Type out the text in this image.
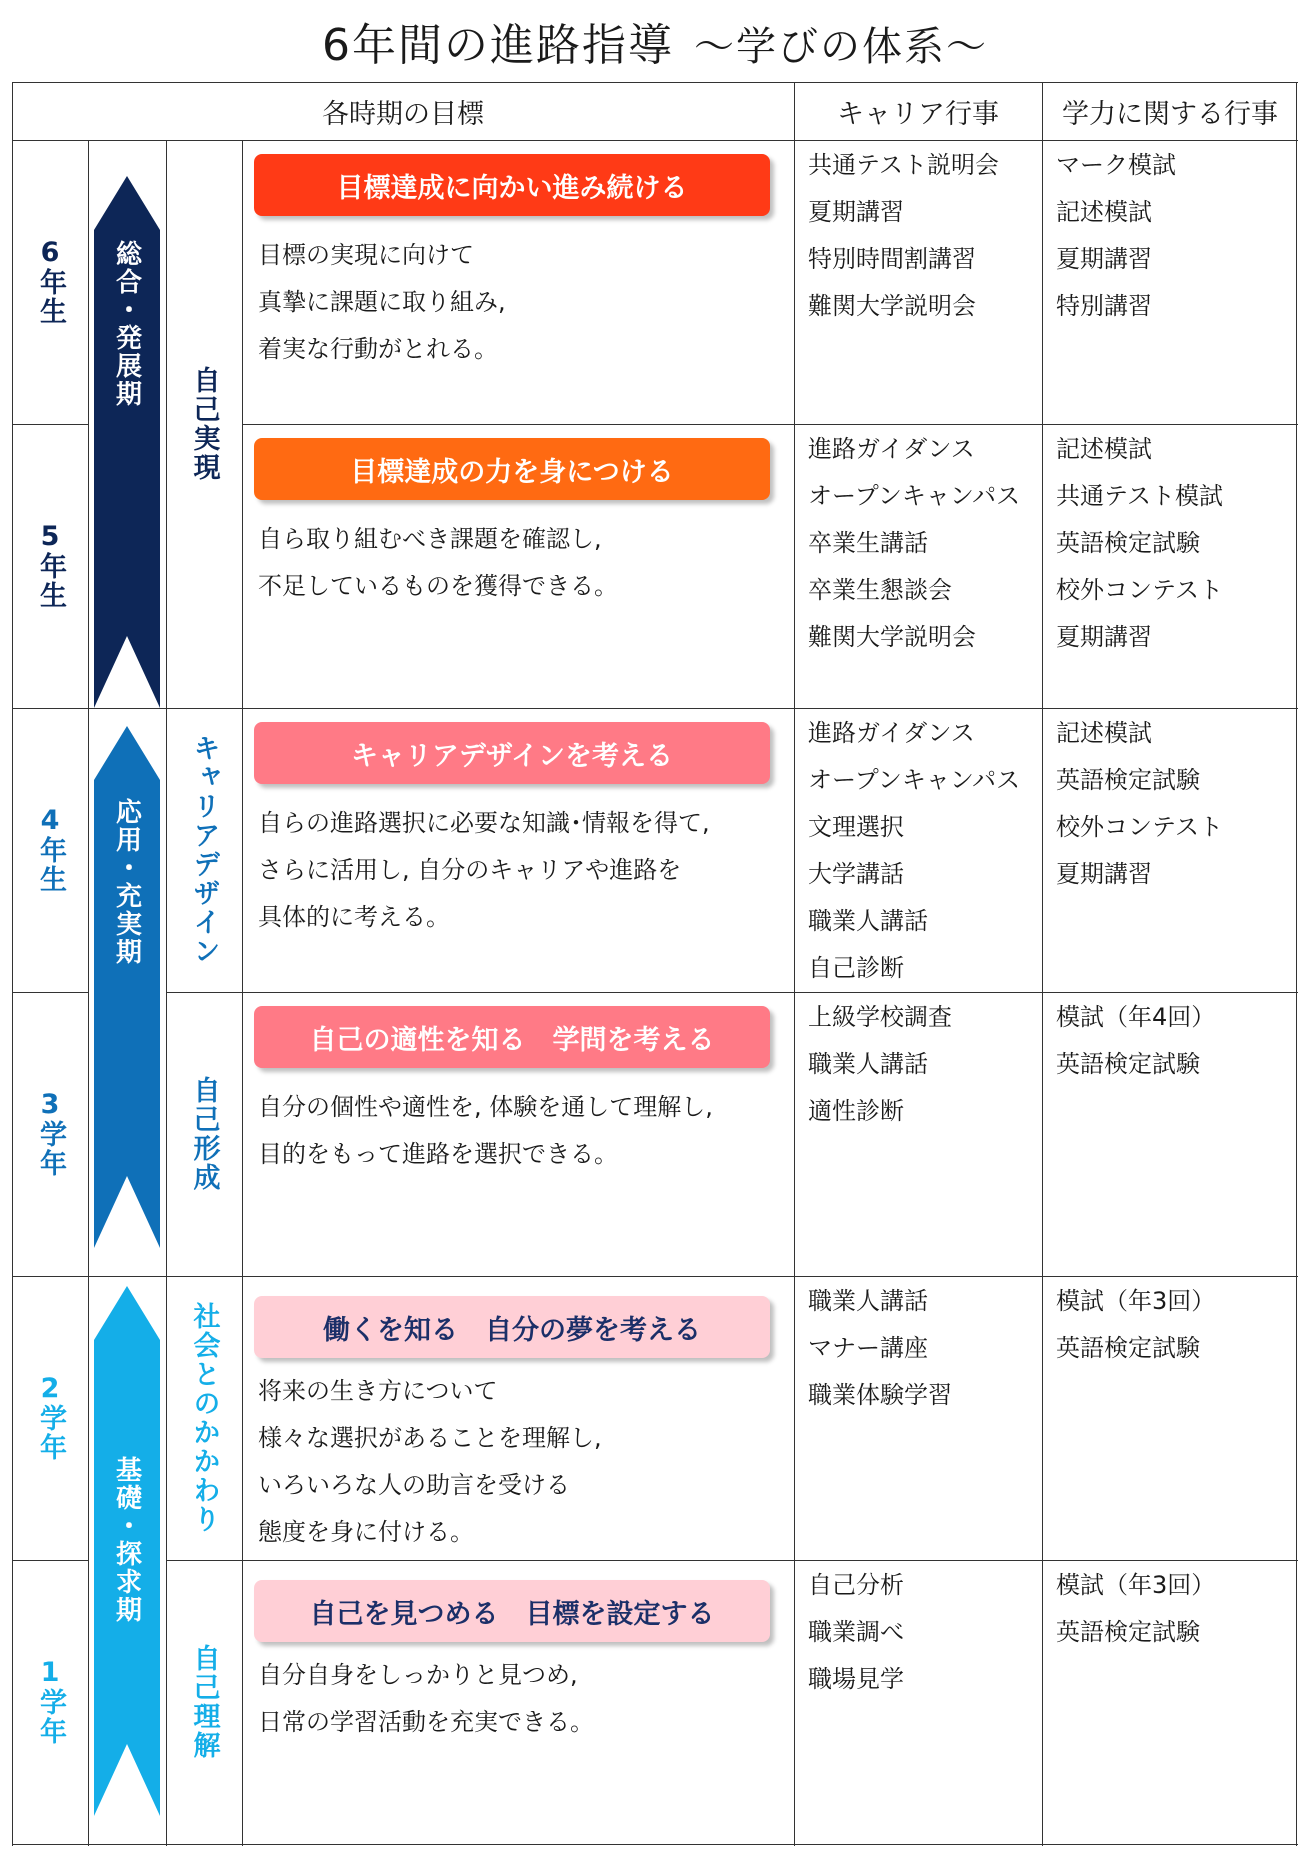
6年間の進路指導 ～学びの体系～
各時期の目標	キャリア行事	学力に関する行事
6
年生
5
年生
4
年生
3
学年
2
学年
1
学年
総合・発展期
応用・充実期
基礎・探求期
自己実現
キャリアデザイン
自己形成
社会とのかかわり
自己理解
目標達成に向かい進み続ける
目標達成の力を身につける
キャリアデザインを考える
自己の適性を知る　学問を考える
働くを知る　自分の夢を考える
自己を見つめる　目標を設定する
目標の実現に向けて
真摯に課題に取り組み,
着実な行動がとれる。
自ら取り組むべき課題を確認し,
不足しているものを獲得できる。
自らの進路選択に必要な知識･情報を得て,
さらに活用し, 自分のキャリアや進路を
具体的に考える。
自分の個性や適性を, 体験を通して理解し,
目的をもって進路を選択できる。
将来の生き方について
様々な選択があることを理解し,
いろいろな人の助言を受ける
態度を身に付ける。
自分自身をしっかりと見つめ,
日常の学習活動を充実できる。
共通テスト説明会
夏期講習
特別時間割講習
難関大学説明会
進路ガイダンス
オープンキャンパス
卒業生講話
卒業生懇談会
難関大学説明会
進路ガイダンス
オープンキャンパス
文理選択
大学講話
職業人講話
自己診断
上級学校調査
職業人講話
適性診断
職業人講話
マナー講座
職業体験学習
自己分析
職業調べ
職場見学
マーク模試
記述模試
夏期講習
特別講習
記述模試
共通テスト模試
英語検定試験
校外コンテスト
夏期講習
記述模試
英語検定試験
校外コンテスト
夏期講習
模試（年4回）
英語検定試験
模試（年3回）
英語検定試験
模試（年3回）
英語検定試験
